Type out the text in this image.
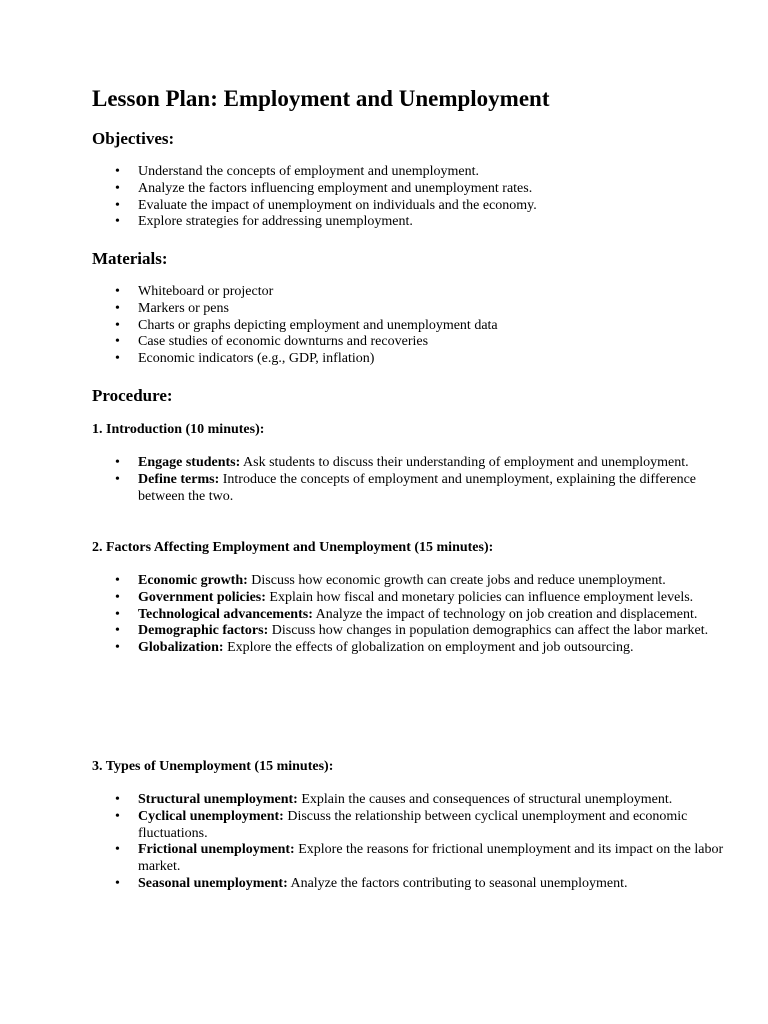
Lesson Plan: Employment and Unemployment
Objectives:
• Understand the concepts of employment and unemployment.
• Analyze the factors influencing employment and unemployment rates.
• Evaluate the impact of unemployment on individuals and the economy.
• Explore strategies for addressing unemployment.
Materials:
• Whiteboard or projector
• Markers or pens
• Charts or graphs depicting employment and unemployment data
• Case studies of economic downturns and recoveries
• Economic indicators (e.g., GDP, inflation)
Procedure:
1. Introduction (10 minutes):
• Engage students: Ask students to discuss their understanding of employment and unemployment.
• Define terms: Introduce the concepts of employment and unemployment, explaining the difference between the two.
2. Factors Affecting Employment and Unemployment (15 minutes):
• Economic growth: Discuss how economic growth can create jobs and reduce unemployment.
• Government policies: Explain how fiscal and monetary policies can influence employment levels.
• Technological advancements: Analyze the impact of technology on job creation and displacement.
• Demographic factors: Discuss how changes in population demographics can affect the labor market.
• Globalization: Explore the effects of globalization on employment and job outsourcing.
3. Types of Unemployment (15 minutes):
• Structural unemployment: Explain the causes and consequences of structural unemployment.
• Cyclical unemployment: Discuss the relationship between cyclical unemployment and economic fluctuations.
• Frictional unemployment: Explore the reasons for frictional unemployment and its impact on the labor market.
• Seasonal unemployment: Analyze the factors contributing to seasonal unemployment.
